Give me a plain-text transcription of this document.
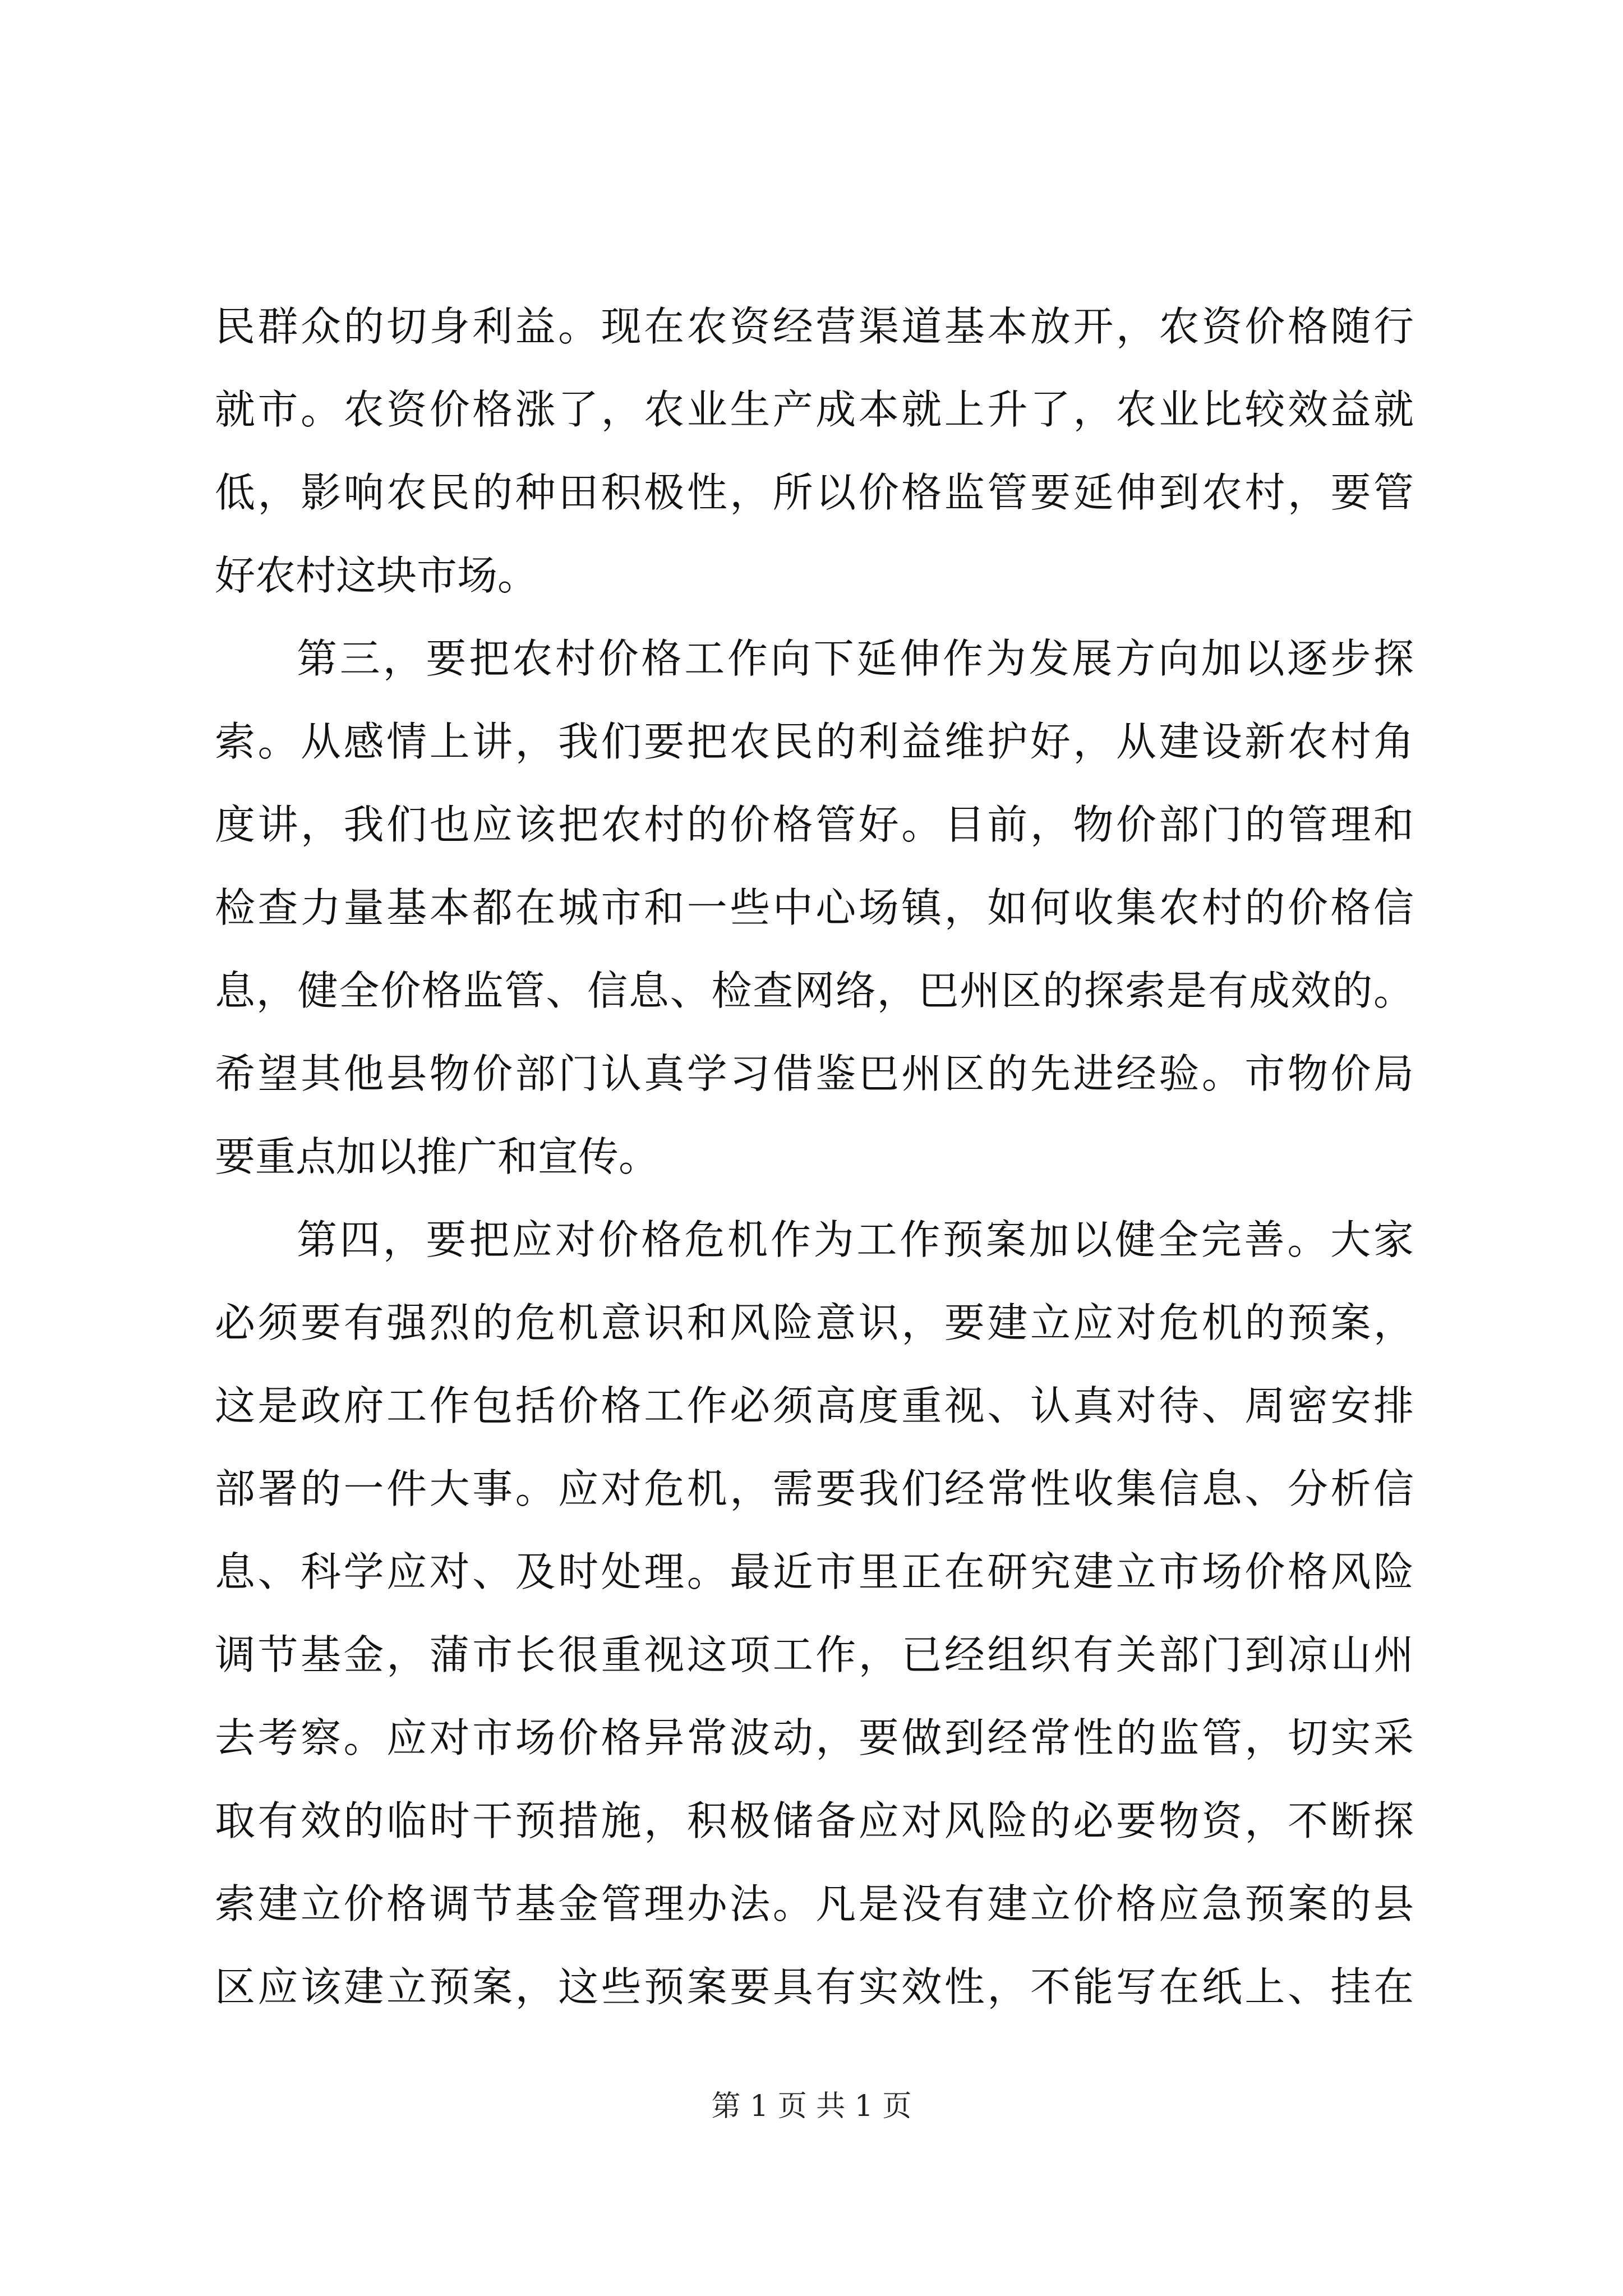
民群众的切身利益。现在农资经营渠道基本放开，农资价格随行
就市。农资价格涨了，农业生产成本就上升了，农业比较效益就
低，影响农民的种田积极性，所以价格监管要延伸到农村，要管
好农村这块市场。
第三，要把农村价格工作向下延伸作为发展方向加以逐步探
索。从感情上讲，我们要把农民的利益维护好，从建设新农村角
度讲，我们也应该把农村的价格管好。目前，物价部门的管理和
检查力量基本都在城市和一些中心场镇，如何收集农村的价格信
息，健全价格监管、信息、检查网络，巴州区的探索是有成效的。
希望其他县物价部门认真学习借鉴巴州区的先进经验。市物价局
要重点加以推广和宣传。
第四，要把应对价格危机作为工作预案加以健全完善。大家
必须要有强烈的危机意识和风险意识，要建立应对危机的预案，
这是政府工作包括价格工作必须高度重视、认真对待、周密安排
部署的一件大事。应对危机，需要我们经常性收集信息、分析信
息、科学应对、及时处理。最近市里正在研究建立市场价格风险
调节基金，蒲市长很重视这项工作，已经组织有关部门到凉山州
去考察。应对市场价格异常波动，要做到经常性的监管，切实采
取有效的临时干预措施，积极储备应对风险的必要物资，不断探
索建立价格调节基金管理办法。凡是没有建立价格应急预案的县
区应该建立预案，这些预案要具有实效性，不能写在纸上、挂在
第 1 页 共 1 页
